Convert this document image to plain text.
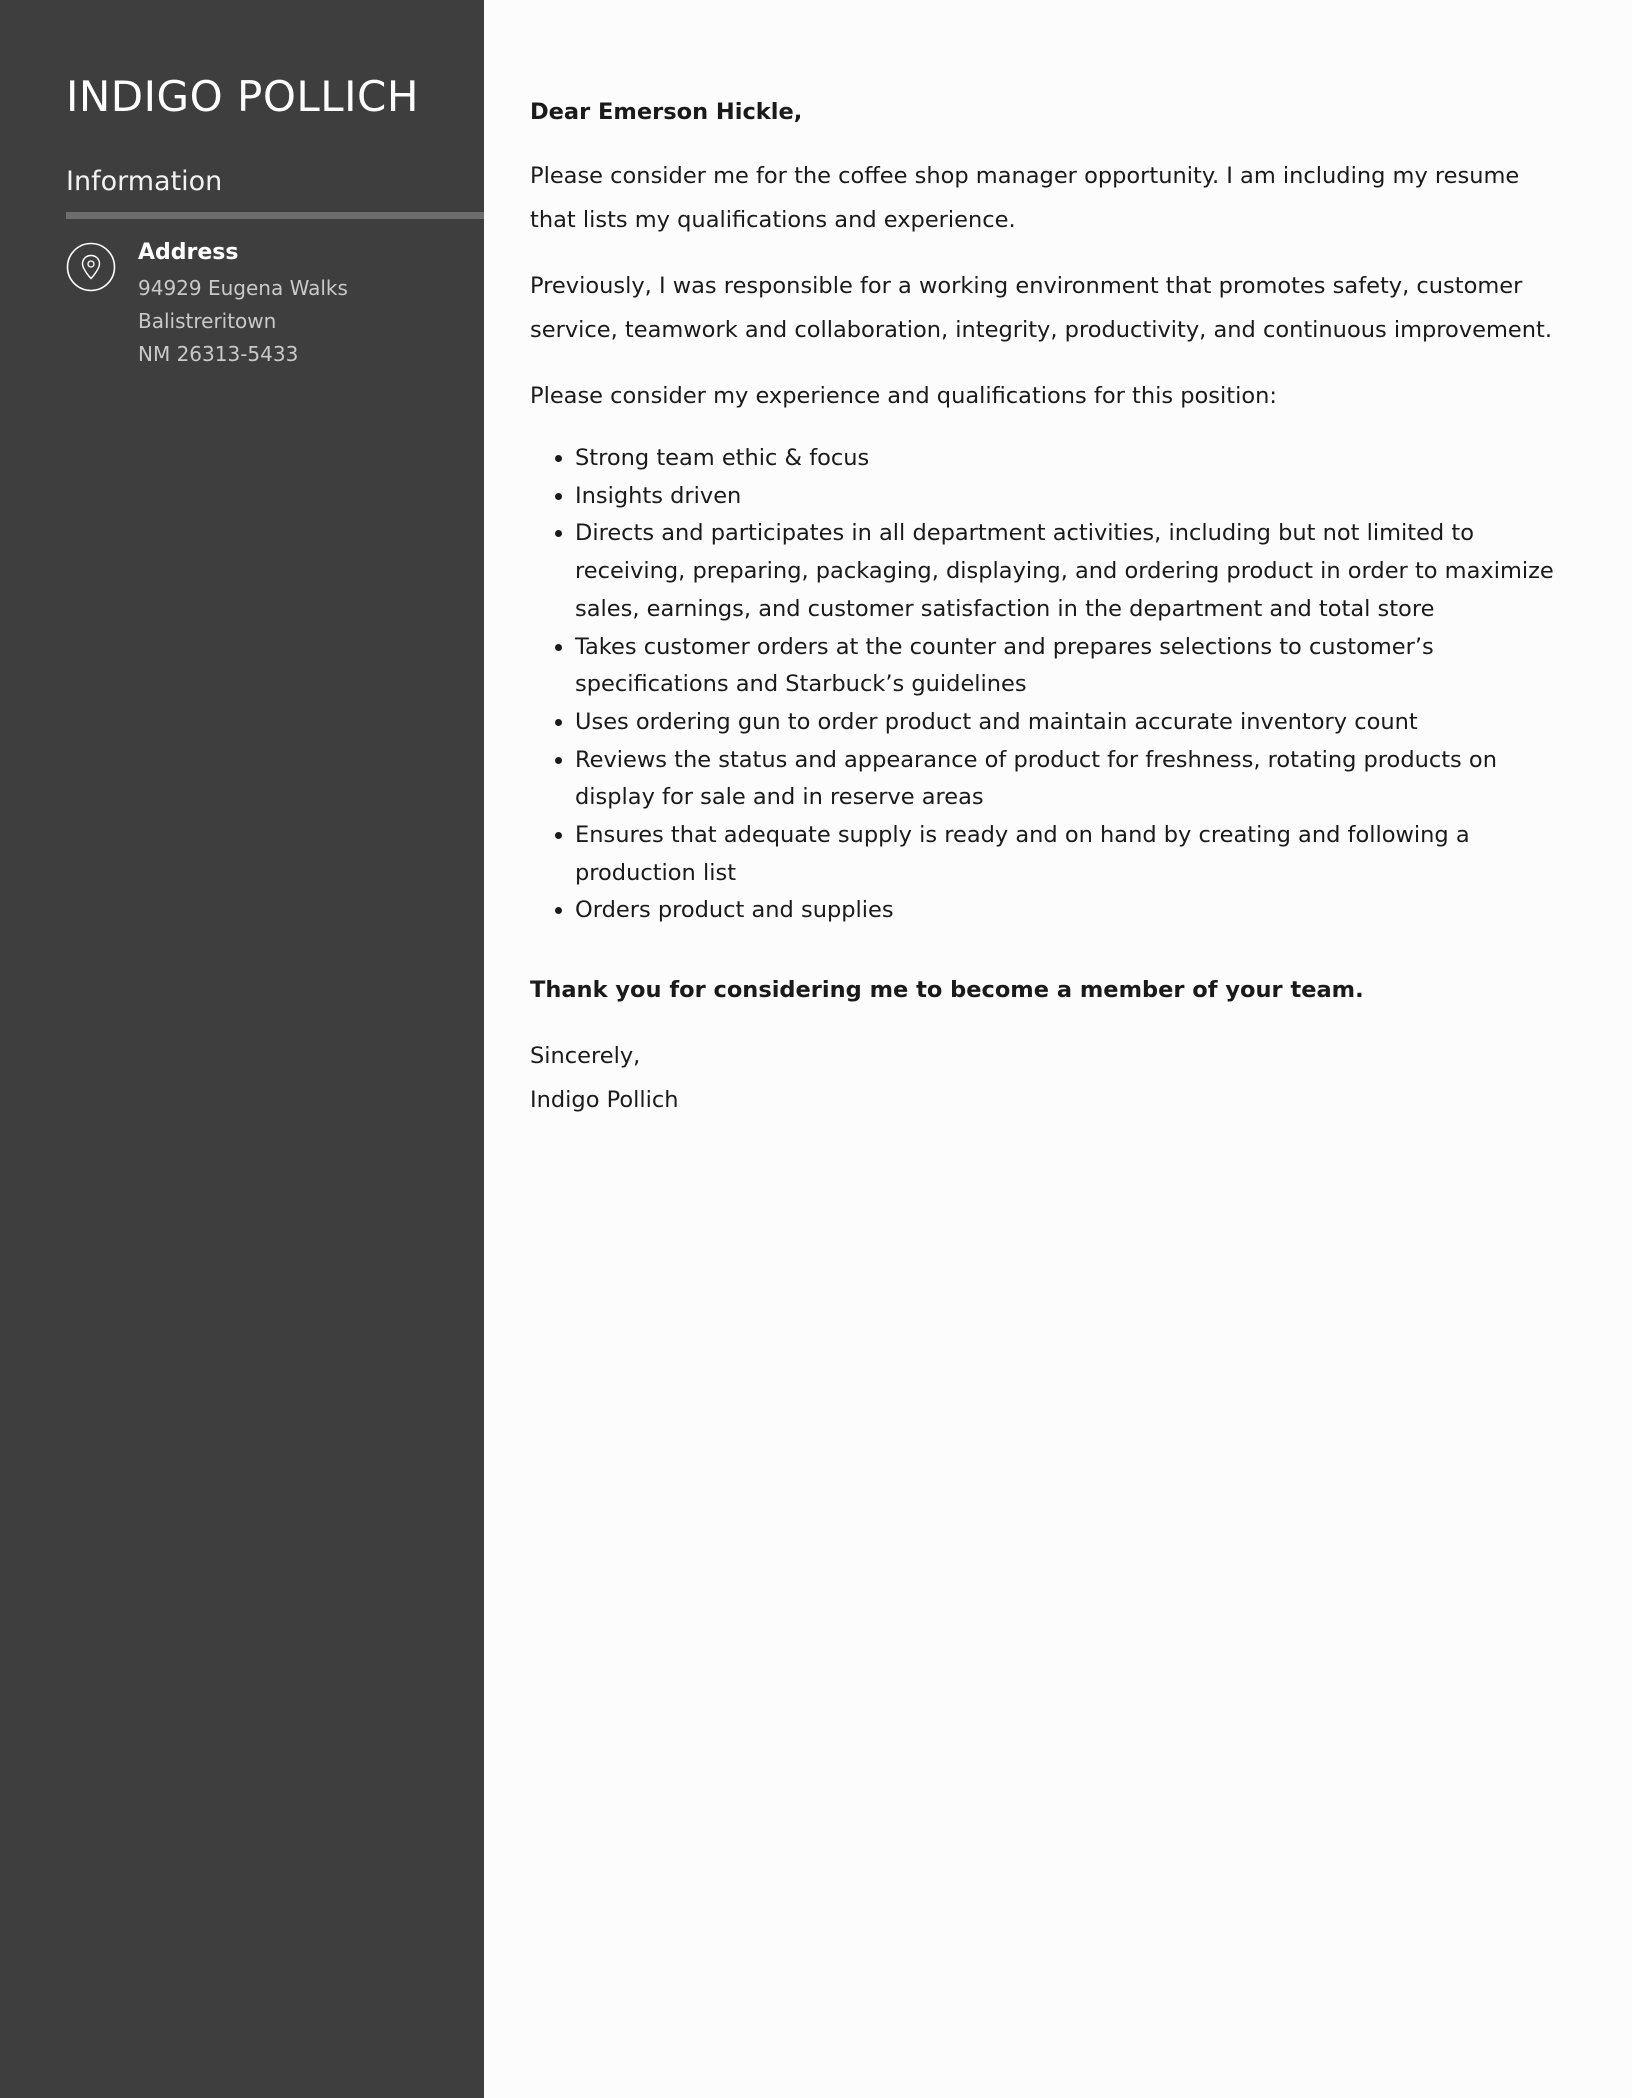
INDIGO POLLICH
Information
Address
94929 Eugena Walks
Balistreritown
NM 26313-5433

Dear Emerson Hickle,

Please consider me for the coffee shop manager opportunity. I am including my resume that lists my qualifications and experience.

Previously, I was responsible for a working environment that promotes safety, customer service, teamwork and collaboration, integrity, productivity, and continuous improvement.

Please consider my experience and qualifications for this position:

• Strong team ethic & focus
• Insights driven
• Directs and participates in all department activities, including but not limited to receiving, preparing, packaging, displaying, and ordering product in order to maximize sales, earnings, and customer satisfaction in the department and total store
• Takes customer orders at the counter and prepares selections to customer’s specifications and Starbuck’s guidelines
• Uses ordering gun to order product and maintain accurate inventory count
• Reviews the status and appearance of product for freshness, rotating products on display for sale and in reserve areas
• Ensures that adequate supply is ready and on hand by creating and following a production list
• Orders product and supplies

Thank you for considering me to become a member of your team.

Sincerely,

Indigo Pollich
